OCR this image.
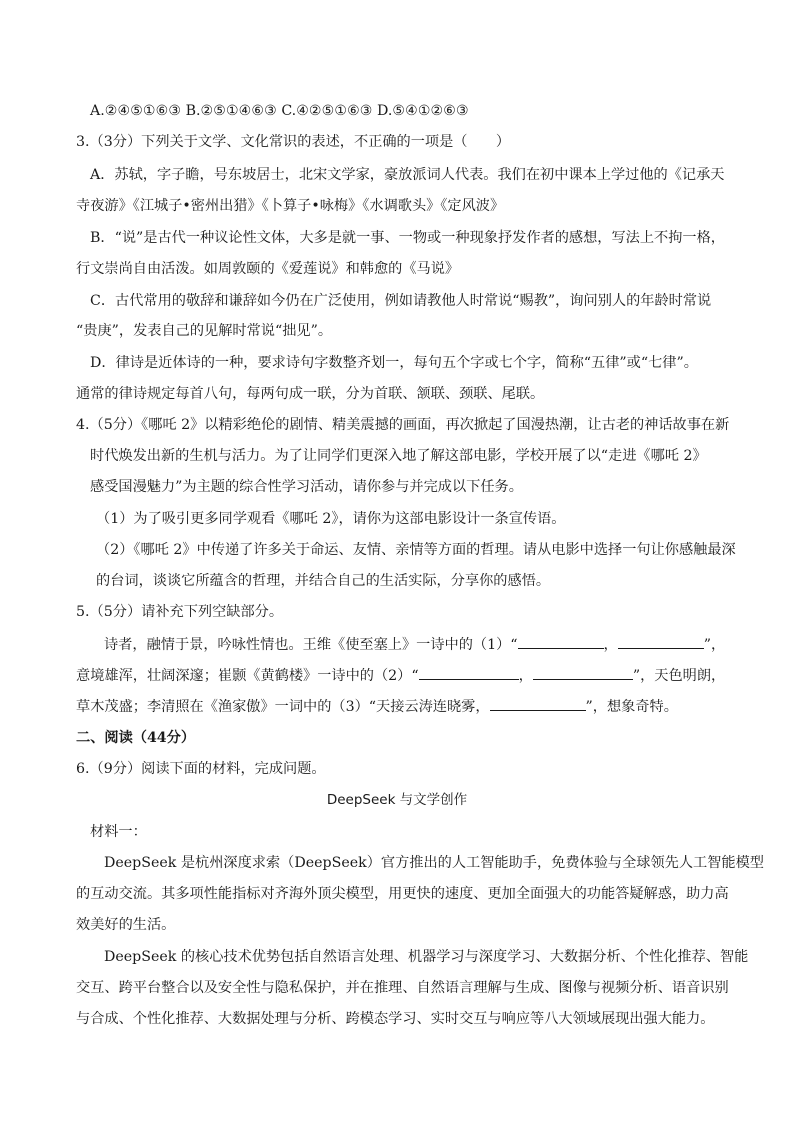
A.②④⑤①⑥③ B.②⑤①④⑥③ C.④②⑤①⑥③ D.⑤④①②⑥③
3.（3分）下列关于文学、文化常识的表述，不正确的一项是（　　）
A．苏轼，字子瞻，号东坡居士，北宋文学家，豪放派词人代表。我们在初中课本上学过他的《记承天
寺夜游》《江城子•密州出猎》《卜算子•咏梅》《水调歌头》《定风波》
B．“说”是古代一种议论性文体，大多是就一事、一物或一种现象抒发作者的感想，写法上不拘一格，
行文崇尚自由活泼。如周敦颐的《爱莲说》和韩愈的《马说》
C．古代常用的敬辞和谦辞如今仍在广泛使用，例如请教他人时常说“赐教”，询问别人的年龄时常说
“贵庚”，发表自己的见解时常说“拙见”。
D．律诗是近体诗的一种，要求诗句字数整齐划一，每句五个字或七个字，简称“五律”或“七律”。
通常的律诗规定每首八句，每两句成一联，分为首联、颔联、颈联、尾联。
4.（5分）《哪吒 2》以精彩绝伦的剧情、精美震撼的画面，再次掀起了国漫热潮，让古老的神话故事在新
时代焕发出新的生机与活力。为了让同学们更深入地了解这部电影，学校开展了以“走进《哪吒 2》
感受国漫魅力”为主题的综合性学习活动，请你参与并完成以下任务。
（1）为了吸引更多同学观看《哪吒 2》，请你为这部电影设计一条宣传语。
（2）《哪吒 2》中传递了许多关于命运、友情、亲情等方面的哲理。请从电影中选择一句让你感触最深
的台词，谈谈它所蕴含的哲理，并结合自己的生活实际，分享你的感悟。
5.（5分）请补充下列空缺部分。
诗者，融情于景，吟咏性情也。王维《使至塞上》一诗中的（1）“	，	”，
意境雄浑，壮阔深邃；崔颢《黄鹤楼》一诗中的（2）“	，	”，天色明朗，
草木茂盛；李清照在《渔家傲》一词中的（3）“天接云涛连晓雾，	”，想象奇特。
二、阅读（44分）
6.（9分）阅读下面的材料，完成问题。
DeepSeek 与文学创作
材料一：
DeepSeek 是杭州深度求索（DeepSeek）官方推出的人工智能助手，免费体验与全球领先人工智能模型
的互动交流。其多项性能指标对齐海外顶尖模型，用更快的速度、更加全面强大的功能答疑解惑，助力高
效美好的生活。
DeepSeek 的核心技术优势包括自然语言处理、机器学习与深度学习、大数据分析、个性化推荐、智能
交互、跨平台整合以及安全性与隐私保护，并在推理、自然语言理解与生成、图像与视频分析、语音识别
与合成、个性化推荐、大数据处理与分析、跨模态学习、实时交互与响应等八大领域展现出强大能力。
